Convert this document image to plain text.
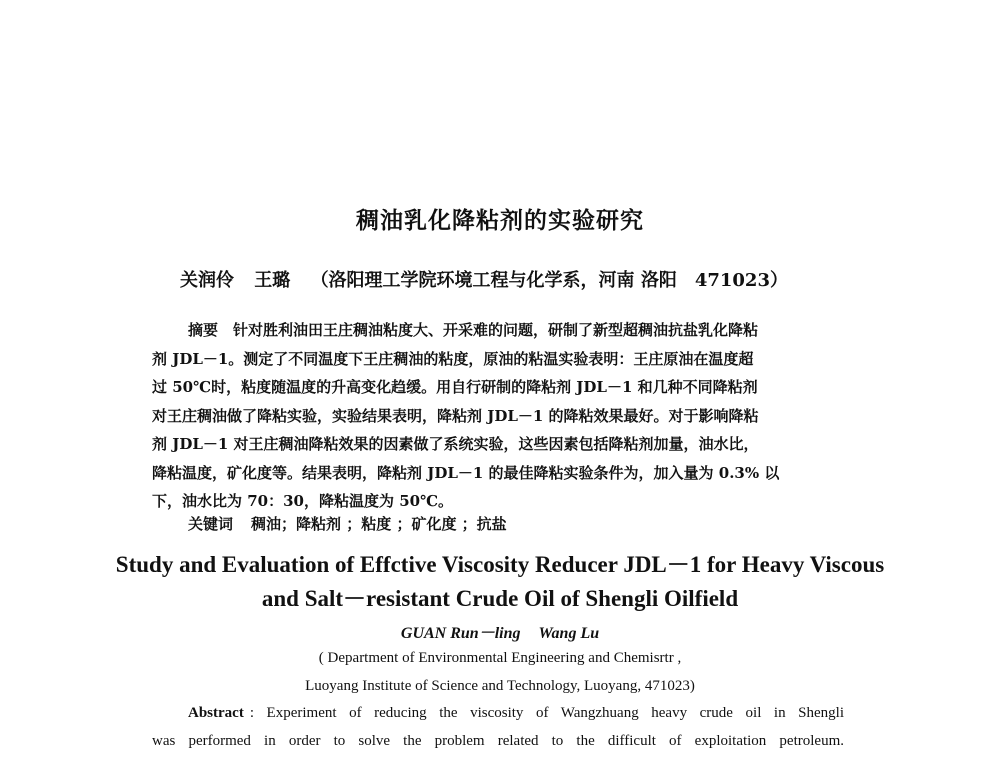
稠油乳化降粘剂的实验研究
关润伶 王璐 （洛阳理工学院环境工程与化学系，河南 洛阳　471023）
摘要　 针对胜利油田王庄稠油粘度大、开采难的问题，研制了新型超稠油抗盐乳化降粘
剂 JDL－1。测定了不同温度下王庄稠油的粘度，原油的粘温实验表明：王庄原油在温度超
过 50℃时，粘度随温度的升高变化趋缓。用自行研制的降粘剂 JDL－1 和几种不同降粘剂
对王庄稠油做了降粘实验，实验结果表明，降粘剂 JDL－1 的降粘效果最好。对于影响降粘
剂 JDL－1 对王庄稠油降粘效果的因素做了系统实验，这些因素包括降粘剂加量，油水比，
降粘温度，矿化度等。结果表明，降粘剂 JDL－1 的最佳降粘实验条件为，加入量为 0.3% 以
下，油水比为 70：30，降粘温度为 50℃。
关键词 稠油；降粘剂 ；粘度 ；矿化度 ；抗盐
Study and Evaluation of Effctive Viscosity Reducer JDL－1 for Heavy Viscous
and Salt－resistant Crude Oil of Shengli Oilfield
GUAN Run－ling Wang Lu
( Department of Environmental Engineering and Chemisrtr ,
Luoyang Institute of Science and Technology, Luoyang, 471023)
Abstract : Experiment of reducing the viscosity of Wangzhuang heavy crude oil in Shengli
was performed in order to solve the problem related to the difficult of exploitation petroleum.
